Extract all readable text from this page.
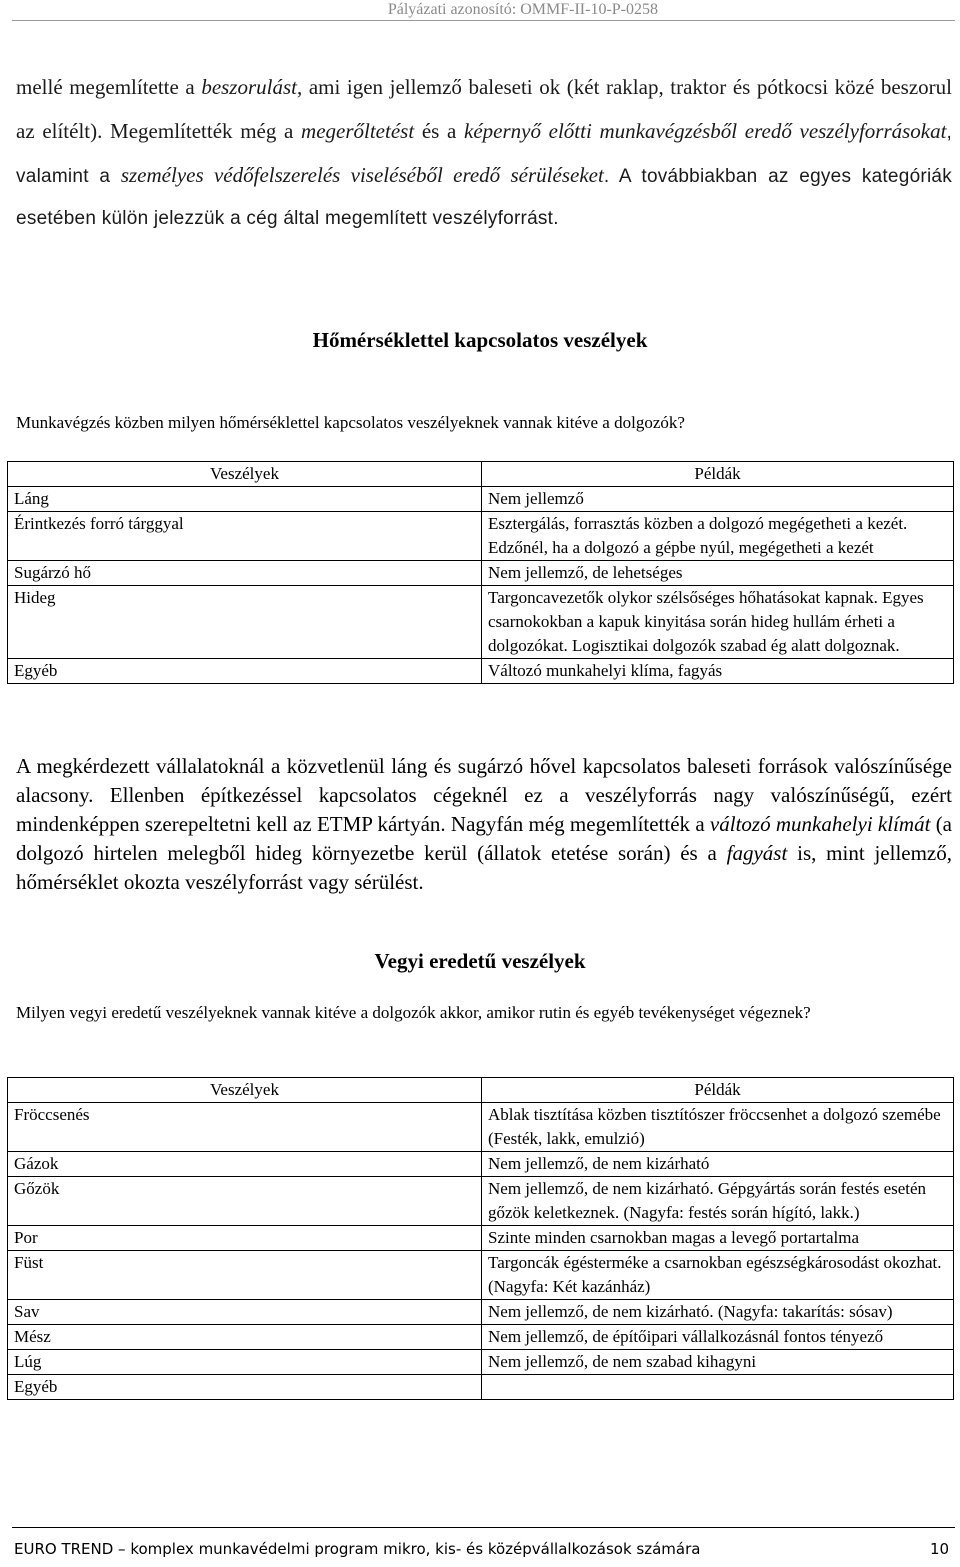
Pályázati azonosító: OMMF-II-10-P-0258

mellé megemlítette a beszorulást, ami igen jellemző baleseti ok (két raklap, traktor és pótkocsi közé beszorul az elítélt). Megemlítették még a megerőltetést és a képernyő előtti munkavégzésből eredő veszélyforrásokat, valamint a személyes védőfelszerelés viseléséből eredő sérüléseket. A továbbiakban az egyes kategóriák esetében külön jelezzük a cég által megemlített veszélyforrást.

Hőmérséklettel kapcsolatos veszélyek

Munkavégzés közben milyen hőmérséklettel kapcsolatos veszélyeknek vannak kitéve a dolgozók?

Veszélyek	Példák
Láng	Nem jellemző
Érintkezés forró tárggyal	Esztergálás, forrasztás közben a dolgozó megégetheti a kezét. Edzőnél, ha a dolgozó a gépbe nyúl, megégetheti a kezét
Sugárzó hő	Nem jellemző, de lehetséges
Hideg	Targoncavezetők olykor szélsőséges hőhatásokat kapnak. Egyes csarnokokban a kapuk kinyitása során hideg hullám érheti a dolgozókat. Logisztikai dolgozók szabad ég alatt dolgoznak.
Egyéb	Változó munkahelyi klíma, fagyás

A megkérdezett vállalatoknál a közvetlenül láng és sugárzó hővel kapcsolatos baleseti források valószínűsége alacsony. Ellenben építkezéssel kapcsolatos cégeknél ez a veszélyforrás nagy valószínűségű, ezért mindenképpen szerepeltetni kell az ETMP kártyán. Nagyfán még megemlítették a változó munkahelyi klímát (a dolgozó hirtelen melegből hideg környezetbe kerül (állatok etetése során) és a fagyást is, mint jellemző, hőmérséklet okozta veszélyforrást vagy sérülést.

Vegyi eredetű veszélyek

Milyen vegyi eredetű veszélyeknek vannak kitéve a dolgozók akkor, amikor rutin és egyéb tevékenységet végeznek?

Veszélyek	Példák
Fröccsenés	Ablak tisztítása közben tisztítószer fröccsenhet a dolgozó szemébe (Festék, lakk, emulzió)
Gázok	Nem jellemző, de nem kizárható
Gőzök	Nem jellemző, de nem kizárható. Gépgyártás során festés esetén gőzök keletkeznek. (Nagyfa: festés során hígító, lakk.)
Por	Szinte minden csarnokban magas a levegő portartalma
Füst	Targoncák égésterméke a csarnokban egészségkárosodást okozhat. (Nagyfa: Két kazánház)
Sav	Nem jellemző, de nem kizárható. (Nagyfa: takarítás: sósav)
Mész	Nem jellemző, de építőipari vállalkozásnál fontos tényező
Lúg	Nem jellemző, de nem szabad kihagyni
Egyéb	
EURO TREND – komplex munkavédelmi program mikro, kis- és középvállalkozások számára	10
